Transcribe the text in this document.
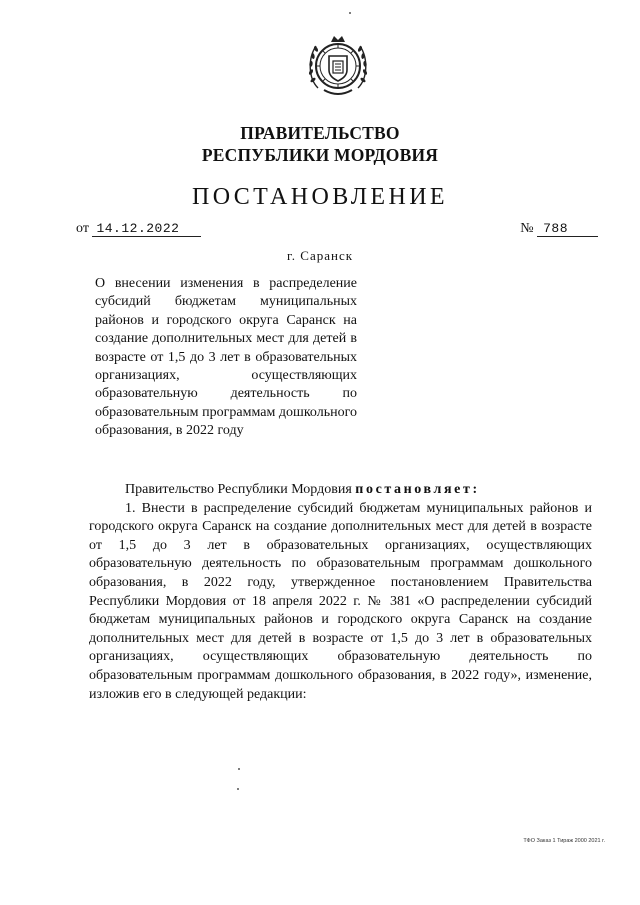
ПРАВИТЕЛЬСТВО
РЕСПУБЛИКИ МОРДОВИЯ
ПОСТАНОВЛЕНИЕ
от 14.12.2022	№ 788
г. Саранск
О внесении изменения в распределение субсидий бюджетам муниципальных районов и городского округа Саранск на создание дополнительных мест для детей в возрасте от 1,5 до 3 лет в образовательных организациях, осуществляющих образовательную деятельность по образовательным программам дошкольного образования, в 2022 году

Правительство Республики Мордовия постановляет:

1. Внести в распределение субсидий бюджетам муниципальных районов и городского округа Саранск на создание дополнительных мест для детей в возрасте от 1,5 до 3 лет в образовательных организациях, осуществляющих образовательную деятельность по образовательным программам дошкольного образования, в 2022 году, утвержденное постановлением Правительства Республики Мордовия от 18 апреля 2022 г. № 381 «О распределении субсидий бюджетам муниципальных районов и городского округа Саранск на создание дополнительных мест для детей в возрасте от 1,5 до 3 лет в образовательных организациях, осуществляющих образовательную деятельность по образовательным программам дошкольного образования, в 2022 году», изменение, изложив его в следующей редакции:

ТФО Заказ 1 Тираж 2000 2021 г.
